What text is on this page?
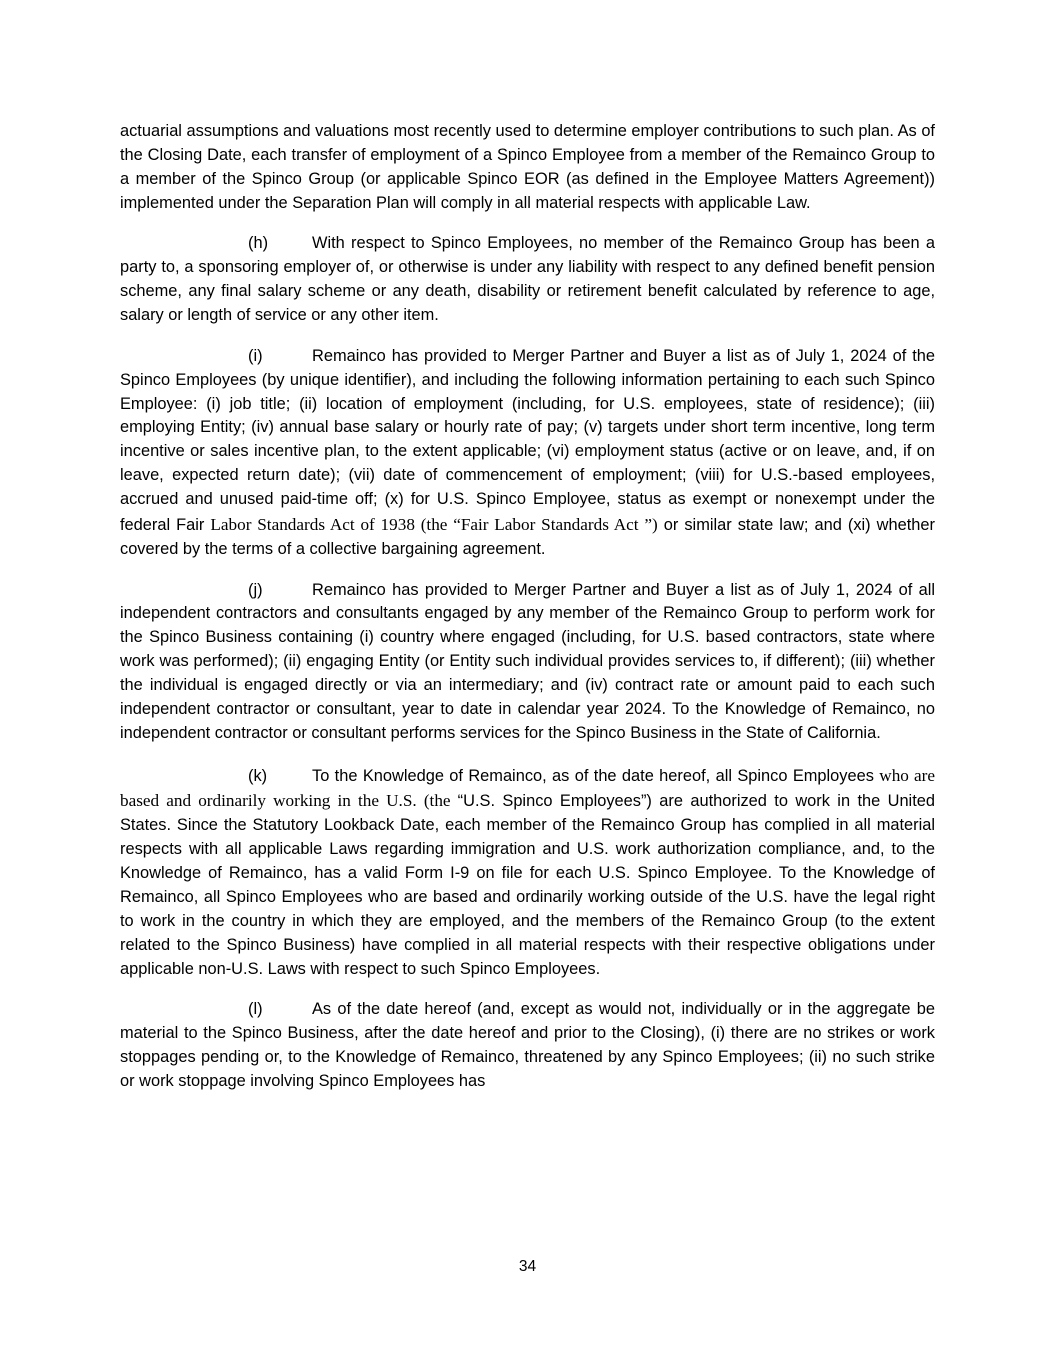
actuarial assumptions and valuations most recently used to determine employer contributions to such plan. As of the Closing Date, each transfer of employment of a Spinco Employee from a member of the Remainco Group to a member of the Spinco Group (or applicable Spinco EOR (as defined in the Employee Matters Agreement)) implemented under the Separation Plan will comply in all material respects with applicable Law.

(h)	With respect to Spinco Employees, no member of the Remainco Group has been a party to, a sponsoring employer of, or otherwise is under any liability with respect to any defined benefit pension scheme, any final salary scheme or any death, disability or retirement benefit calculated by reference to age, salary or length of service or any other item.

(i)	Remainco has provided to Merger Partner and Buyer a list as of July 1, 2024 of the Spinco Employees (by unique identifier), and including the following information pertaining to each such Spinco Employee: (i) job title; (ii) location of employment (including, for U.S. employees, state of residence); (iii) employing Entity; (iv) annual base salary or hourly rate of pay; (v) targets under short term incentive, long term incentive or sales incentive plan, to the extent applicable; (vi) employment status (active or on leave, and, if on leave, expected return date); (vii) date of commencement of employment; (viii) for U.S.-based employees, accrued and unused paid-time off; (x) for U.S. Spinco Employee, status as exempt or nonexempt under the federal Fair Labor Standards Act of 1938 (the “Fair Labor Standards Act ”) or similar state law; and (xi) whether covered by the terms of a collective bargaining agreement.

(j)	Remainco has provided to Merger Partner and Buyer a list as of July 1, 2024 of all independent contractors and consultants engaged by any member of the Remainco Group to perform work for the Spinco Business containing (i) country where engaged (including, for U.S. based contractors, state where work was performed); (ii) engaging Entity (or Entity such individual provides services to, if different); (iii) whether the individual is engaged directly or via an intermediary; and (iv) contract rate or amount paid to each such independent contractor or consultant, year to date in calendar year 2024. To the Knowledge of Remainco, no independent contractor or consultant performs services for the Spinco Business in the State of California.

(k)	To the Knowledge of Remainco, as of the date hereof, all Spinco Employees who are based and ordinarily working in the U.S. (the “U.S. Spinco Employees”) are authorized to work in the United States. Since the Statutory Lookback Date, each member of the Remainco Group has complied in all material respects with all applicable Laws regarding immigration and U.S. work authorization compliance, and, to the Knowledge of Remainco, has a valid Form I-9 on file for each U.S. Spinco Employee. To the Knowledge of Remainco, all Spinco Employees who are based and ordinarily working outside of the U.S. have the legal right to work in the country in which they are employed, and the members of the Remainco Group (to the extent related to the Spinco Business) have complied in all material respects with their respective obligations under applicable non-U.S. Laws with respect to such Spinco Employees.

(l)	As of the date hereof (and, except as would not, individually or in the aggregate be material to the Spinco Business, after the date hereof and prior to the Closing), (i) there are no strikes or work stoppages pending or, to the Knowledge of Remainco, threatened by any Spinco Employees; (ii) no such strike or work stoppage involving Spinco Employees has

34
